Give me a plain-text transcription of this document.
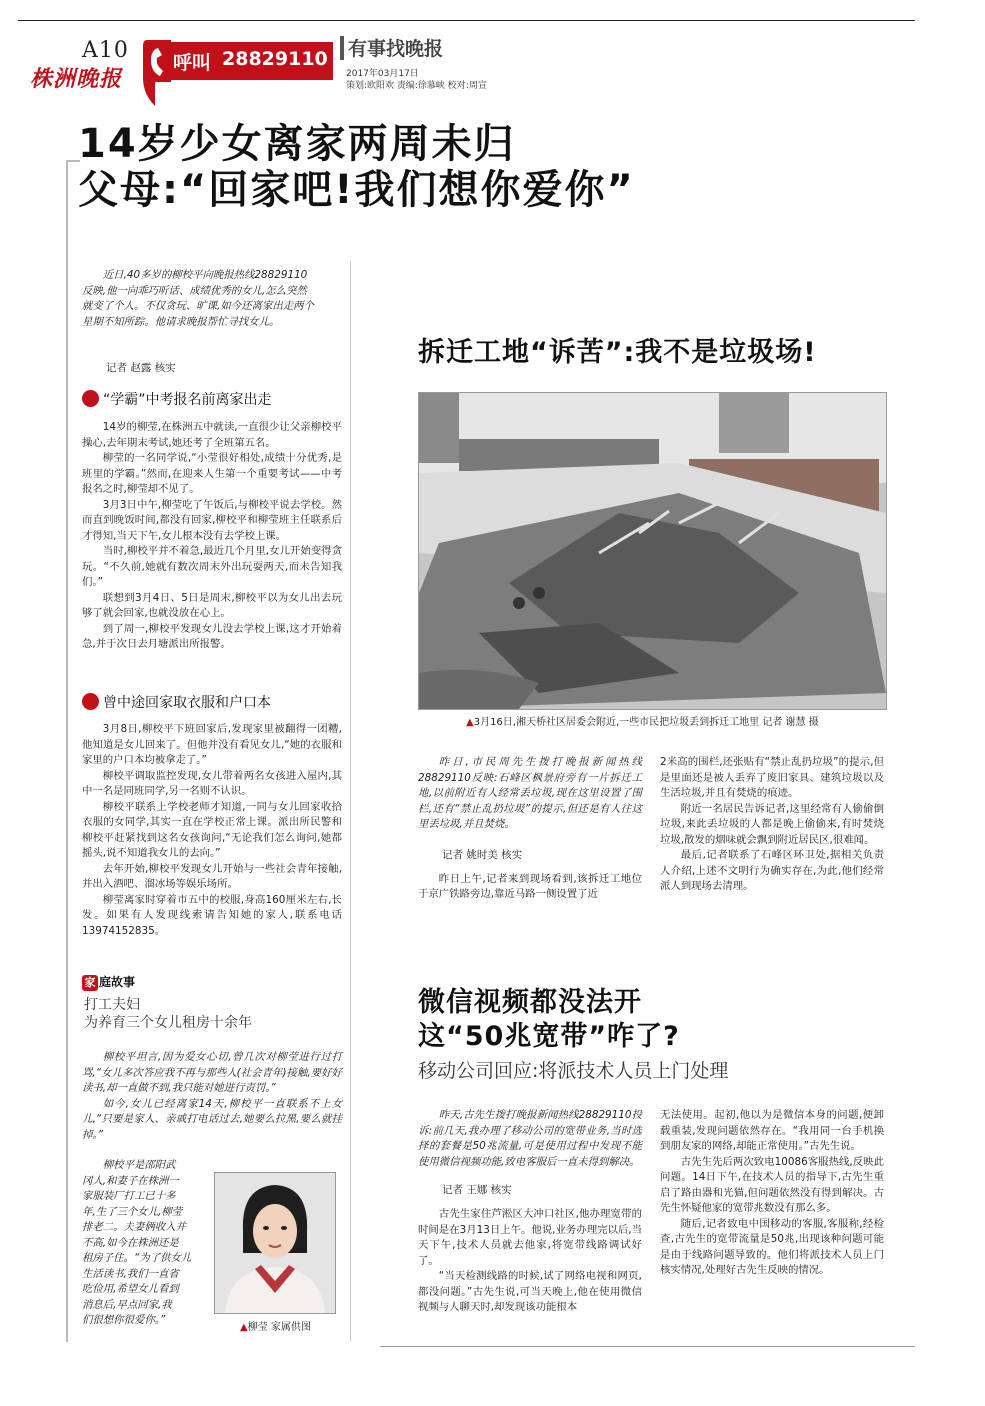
A10
株洲晚报
呼叫 28829110 有事找晚报
2017年03月17日
策划:欧阳欢 责编:徐慕峡 校对:周宣
14岁少女离家两周未归
父母:“回家吧!我们想你爱你”

近日,40多岁的柳校平向晚报热线28829110

反映,他一向乖巧听话、成绩优秀的女儿,怎么突然

就变了个人。不仅贪玩、旷课,如今还离家出走两个

星期不知所踪。他请求晚报帮忙寻找女儿。

记者 赵露 核实
“学霸”中考报名前离家出走

14岁的柳莹,在株洲五中就读,一直很少让父亲柳校平操心,去年期末考试,她还考了全班第五名。

柳莹的一名同学说,“小莹很好相处,成绩十分优秀,是班里的学霸。”然而,在迎来人生第一个重要考试——中考报名之时,柳莹却不见了。

3月3日中午,柳莹吃了午饭后,与柳校平说去学校。然而直到晚饭时间,都没有回家,柳校平和柳莹班主任联系后才得知,当天下午,女儿根本没有去学校上课。

当时,柳校平并不着急,最近几个月里,女儿开始变得贪玩。“不久前,她就有数次周末外出玩耍两天,而未告知我们。”

联想到3月4日、5日是周末,柳校平以为女儿出去玩够了就会回家,也就没放在心上。

到了周一,柳校平发现女儿没去学校上课,这才开始着急,并于次日去月塘派出所报警。

曾中途回家取衣服和户口本

3月8日,柳校平下班回家后,发现家里被翻得一团糟,他知道是女儿回来了。但他并没有看见女儿,“她的衣服和家里的户口本均被拿走了。”

柳校平调取监控发现,女儿带着两名女孩进入屋内,其中一名是同班同学,另一名则不认识。

柳校平联系上学校老师才知道,一同与女儿回家收拾衣服的女同学,其实一直在学校正常上课。派出所民警和柳校平赶紧找到这名女孩询问,“无论我们怎么询问,她都摇头,说不知道我女儿的去向。”

去年开始,柳校平发现女儿开始与一些社会青年接触,并出入酒吧、溜冰场等娱乐场所。

柳莹离家时穿着市五中的校服,身高160厘米左右,长发。如果有人发现线索请告知她的家人,联系电话13974152835。

家 庭故事
打工夫妇
为养育三个女儿租房十余年

柳校平坦言,因为爱女心切,曾几次对柳莹进行过打骂,“女儿多次答应我不再与那些人(社会青年)接触,要好好读书,却一直做不到,我只能对她进行责罚。”

如今,女儿已经离家14天,柳校平一直联系不上女儿,“只要是家人、亲戚打电话过去,她要么拉黑,要么就挂掉。”

柳校平是邵阳武

冈人,和妻子在株洲一

家服装厂打工已十多

年,生了三个女儿,柳莹

排老二。夫妻俩收入并

不高,如今在株洲还是

租房子住。“为了供女儿

生活读书,我们一直省

吃俭用,希望女儿看到

消息后,早点回家,我

们很想你很爱你。”

▲柳莹 家属供图
拆迁工地“诉苦”:我不是垃圾场!
▲3月16日,湘天桥社区居委会附近,一些市民把垃圾丢到拆迁工地里 记者 谢慧 摄

昨日,市民周先生拨打晚报新闻热线28829110反映:石峰区枫景府旁有一片拆迁工地,以前附近有人经常丢垃圾,现在这里设置了围栏,还有“禁止乱扔垃圾”的提示,但还是有人往这里丢垃圾,并且焚烧。

记者 姚时美 核实

昨日上午,记者来到现场看到,该拆迁工地位于京广铁路旁边,靠近马路一侧设置了近

2米高的围栏,还张贴有“禁止乱扔垃圾”的提示,但是里面还是被人丢弃了废旧家具、建筑垃圾以及生活垃圾,并且有焚烧的痕迹。

附近一名居民告诉记者,这里经常有人偷偷倒垃圾,来此丢垃圾的人都是晚上偷偷来,有时焚烧垃圾,散发的烟味就会飘到附近居民区,很难闻。

最后,记者联系了石峰区环卫处,据相关负责人介绍,上述不文明行为确实存在,为此,他们经常派人到现场去清理。

微信视频都没法开
这“50兆宽带”咋了?
移动公司回应:将派技术人员上门处理

昨天,古先生拨打晚报新闻热线28829110投诉:前几天,我办理了移动公司的宽带业务,当时选择的套餐是50兆流量,可是使用过程中发现不能使用微信视频功能,致电客服后一直未得到解决。

记者 王娜 核实

古先生家住芦淞区大冲口社区,他办理宽带的时间是在3月13日上午。他说,业务办理完以后,当天下午,技术人员就去他家,将宽带线路调试好了。

“当天检测线路的时候,试了网络电视和网页,都没问题。”古先生说,可当天晚上,他在使用微信视频与人聊天时,却发现该功能根本

无法使用。起初,他以为是微信本身的问题,便卸载重装,发现问题依然存在。“我用同一台手机换到朋友家的网络,却能正常使用。”古先生说。

古先生先后两次致电10086客服热线,反映此问题。14日下午,在技术人员的指导下,古先生重启了路由器和光猫,但问题依然没有得到解决。古先生怀疑他家的宽带兆数没有那么多。

随后,记者致电中国移动的客服,客服称,经检查,古先生的宽带流量是50兆,出现该种问题可能是由于线路问题导致的。他们将派技术人员上门核实情况,处理好古先生反映的情况。
